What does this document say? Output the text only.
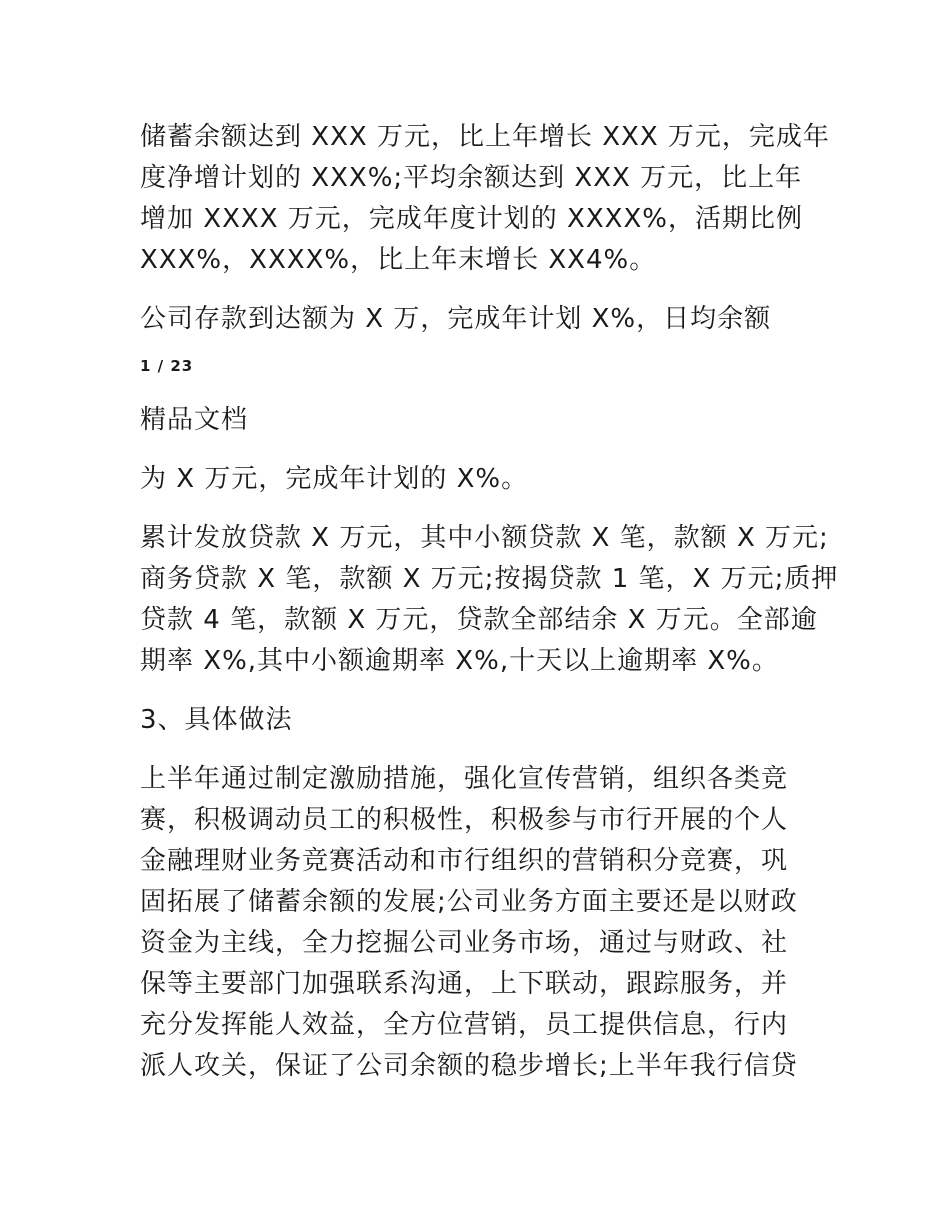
储蓄余额达到 XXX 万元，比上年增长 XXX 万元，完成年
度净增计划的 XXX%;平均余额达到 XXX 万元，比上年
增加 XXXX 万元，完成年度计划的 XXXX%，活期比例
XXX%，XXXX%，比上年末增长 XX4%。
公司存款到达额为 X 万，完成年计划 X%，日均余额
1 / 23
精品文档
为 X 万元，完成年计划的 X%。
累计发放贷款 X 万元，其中小额贷款 X 笔，款额 X 万元;
商务贷款 X 笔，款额 X 万元;按揭贷款 1 笔，X 万元;质押
贷款 4 笔，款额 X 万元，贷款全部结余 X 万元。全部逾
期率 X%,其中小额逾期率 X%,十天以上逾期率 X%。
3、具体做法
上半年通过制定激励措施，强化宣传营销，组织各类竞
赛，积极调动员工的积极性，积极参与市行开展的个人
金融理财业务竞赛活动和市行组织的营销积分竞赛，巩
固拓展了储蓄余额的发展;公司业务方面主要还是以财政
资金为主线，全力挖掘公司业务市场，通过与财政、社
保等主要部门加强联系沟通，上下联动，跟踪服务，并
充分发挥能人效益，全方位营销，员工提供信息，行内
派人攻关，保证了公司余额的稳步增长;上半年我行信贷
